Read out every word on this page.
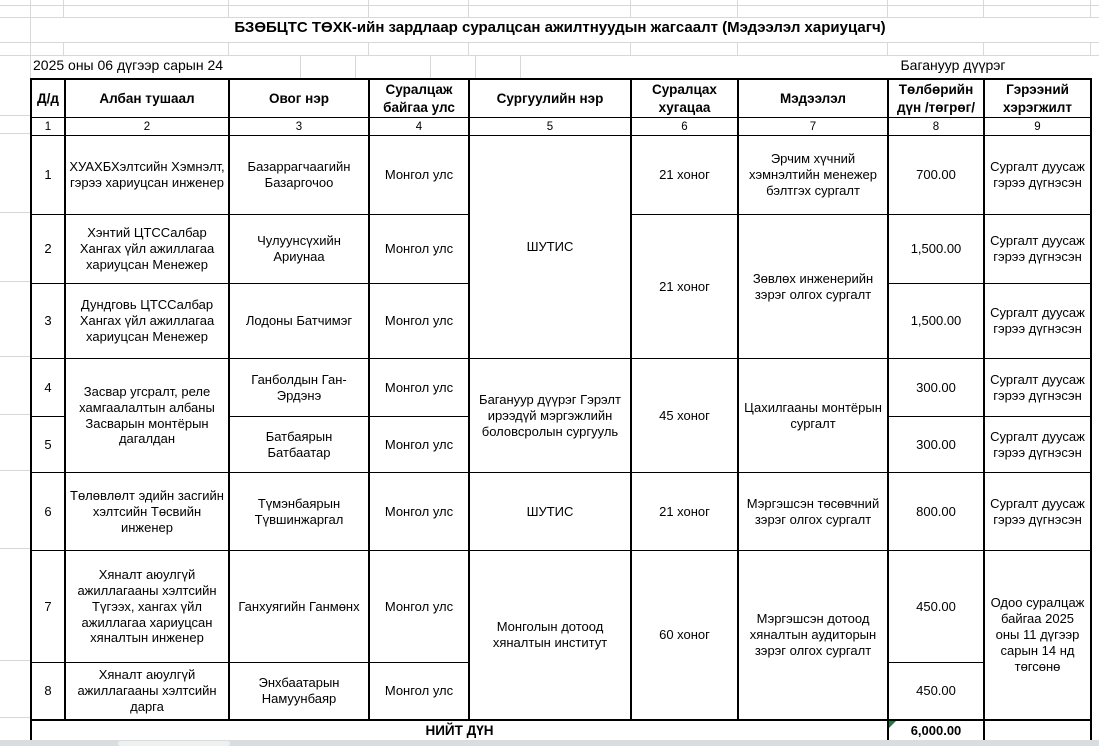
БЗӨБЦТС ТӨХК-ийн зардлаар суралцсан ажилтнуудын жагсаалт (Мэдээлэл хариуцагч)
2025 оны 06 дүгээр сарын 24	Багануур дүүрэг
Д/д	Албан тушаал	Овог нэр	Суралцаж байгаа улс	Сургуулийн нэр	Суралцах хугацаа	Мэдээлэл	Төлбөрийн дүн /төгрөг/	Гэрээний хэрэгжилт
1	2	3	4	5	6	7	8	9
1	ХУАХБХэлтсийн Хэмнэлт, гэрээ хариуцсан инженер	Базаррагчаагийн Базаргочоо	Монгол улс	ШУТИС	21 хоног	Эрчим хүчний хэмнэлтийн менежер бэлтгэх сургалт	700.00	Сургалт дуусаж гэрээ дүгнэсэн
2	Хэнтий ЦТССалбар Хангах үйл ажиллагаа хариуцсан Менежер	Чулуунсүхийн Ариунаа	Монгол улс		21 хоног	Зөвлөх инженерийн зэрэг олгох сургалт	1,500.00	Сургалт дуусаж гэрээ дүгнэсэн
3	Дундговь ЦТССалбар Хангах үйл ажиллагаа хариуцсан Менежер	Лодоны Батчимэг	Монгол улс				1,500.00	Сургалт дуусаж гэрээ дүгнэсэн
4	Засвар угсралт, реле хамгаалалтын албаны Засварын монтёрын дагалдан	Ганболдын Ган-Эрдэнэ	Монгол улс	Багануур дүүрэг Гэрэлт ирээдүй мэргэжлийн боловсролын сургууль	45 хоног	Цахилгааны монтёрын сургалт	300.00	Сургалт дуусаж гэрээ дүгнэсэн
5		Батбаярын Батбаатар	Монгол улс				300.00	Сургалт дуусаж гэрээ дүгнэсэн
6	Төлөвлөлт эдийн засгийн хэлтсийн Төсвийн инженер	Түмэнбаярын Түвшинжаргал	Монгол улс	ШУТИС	21 хоног	Мэргэшсэн төсөвчний зэрэг олгох сургалт	800.00	Сургалт дуусаж гэрээ дүгнэсэн
7	Хяналт аюулгүй ажиллагааны хэлтсийн Түгээх, хангах үйл ажиллагаа хариуцсан хяналтын инженер	Ганхуягийн Ганмөнх	Монгол улс	Монголын дотоод хяналтын институт	60 хоног	Мэргэшсэн дотоод хяналтын аудиторын зэрэг олгох сургалт	450.00	Одоо суралцаж байгаа 2025 оны 11 дүгээр сарын 14 нд төгсөнө
8	Хяналт аюулгүй ажиллагааны хэлтсийн дарга	Энхбаатарын Намуунбаяр	Монгол улс				450.00	
НИЙТ ДҮН							6,000.00	
